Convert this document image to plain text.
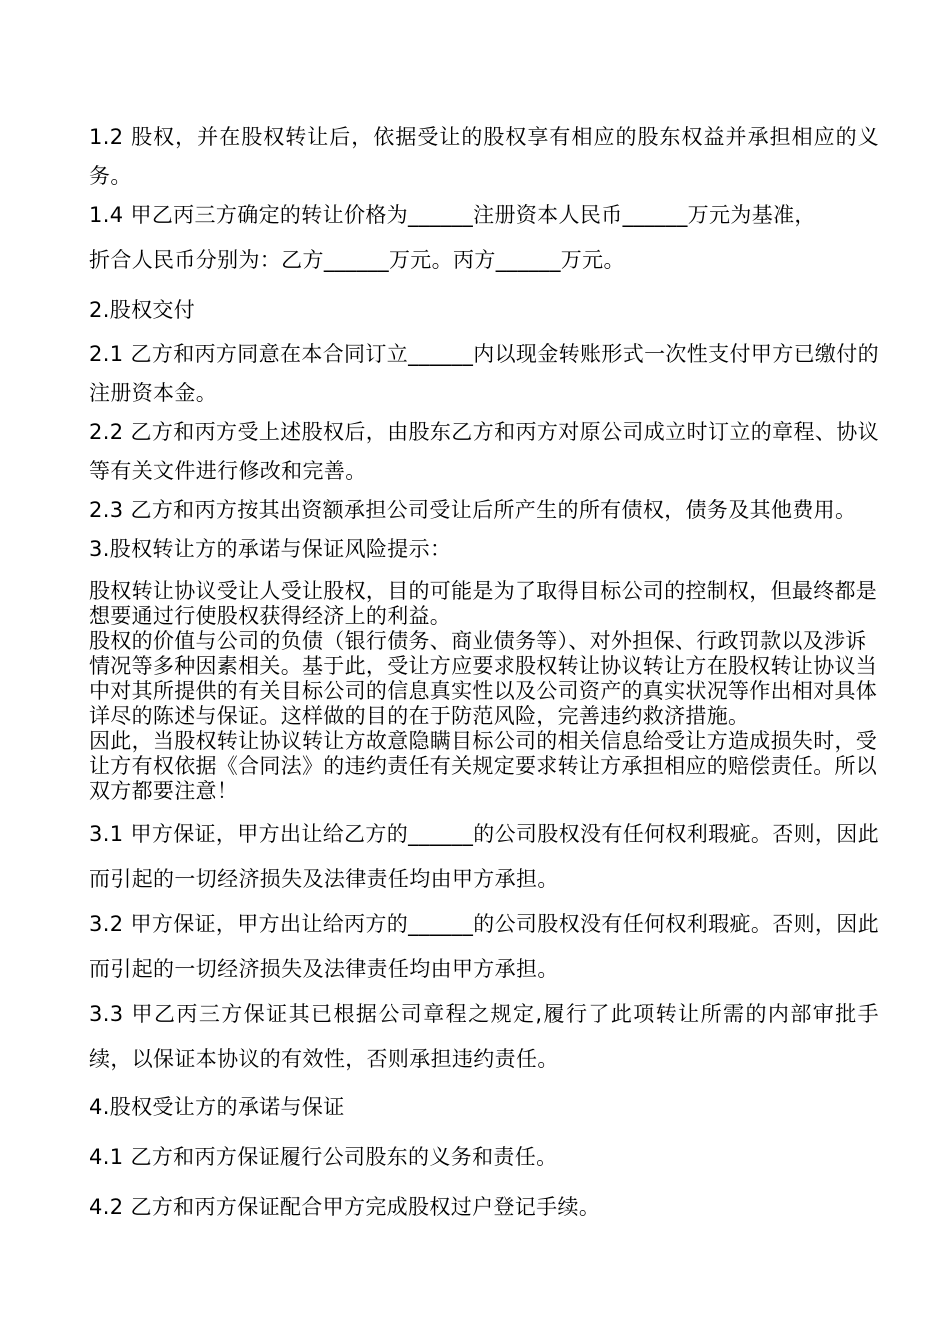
1.2 股权，并在股权转让后，依据受让的股权享有相应的股东权益并承担相应的义务。

1.4 甲乙丙三方确定的转让价格为______注册资本人民币______万元为基准，

折合人民币分别为：乙方______万元。丙方______万元。

2.股权交付

2.1 乙方和丙方同意在本合同订立______内以现金转账形式一次性支付甲方已缴付的注册资本金。

2.2 乙方和丙方受上述股权后，由股东乙方和丙方对原公司成立时订立的章程、协议等有关文件进行修改和完善。

2.3 乙方和丙方按其出资额承担公司受让后所产生的所有债权，债务及其他费用。

3.股权转让方的承诺与保证风险提示：

股权转让协议受让人受让股权，目的可能是为了取得目标公司的控制权，但最终都是想要通过行使股权获得经济上的利益。

股权的价值与公司的负债（银行债务、商业债务等）、对外担保、行政罚款以及涉诉情况等多种因素相关。基于此，受让方应要求股权转让协议转让方在股权转让协议当中对其所提供的有关目标公司的信息真实性以及公司资产的真实状况等作出相对具体详尽的陈述与保证。这样做的目的在于防范风险，完善违约救济措施。

因此，当股权转让协议转让方故意隐瞒目标公司的相关信息给受让方造成损失时，受让方有权依据《合同法》的违约责任有关规定要求转让方承担相应的赔偿责任。所以双方都要注意！

3.1 甲方保证，甲方出让给乙方的______的公司股权没有任何权利瑕疵。否则，因此而引起的一切经济损失及法律责任均由甲方承担。

3.2 甲方保证，甲方出让给丙方的______的公司股权没有任何权利瑕疵。否则，因此而引起的一切经济损失及法律责任均由甲方承担。

3.3 甲乙丙三方保证其已根据公司章程之规定,履行了此项转让所需的内部审批手续，以保证本协议的有效性，否则承担违约责任。

4.股权受让方的承诺与保证

4.1 乙方和丙方保证履行公司股东的义务和责任。

4.2 乙方和丙方保证配合甲方完成股权过户登记手续。
